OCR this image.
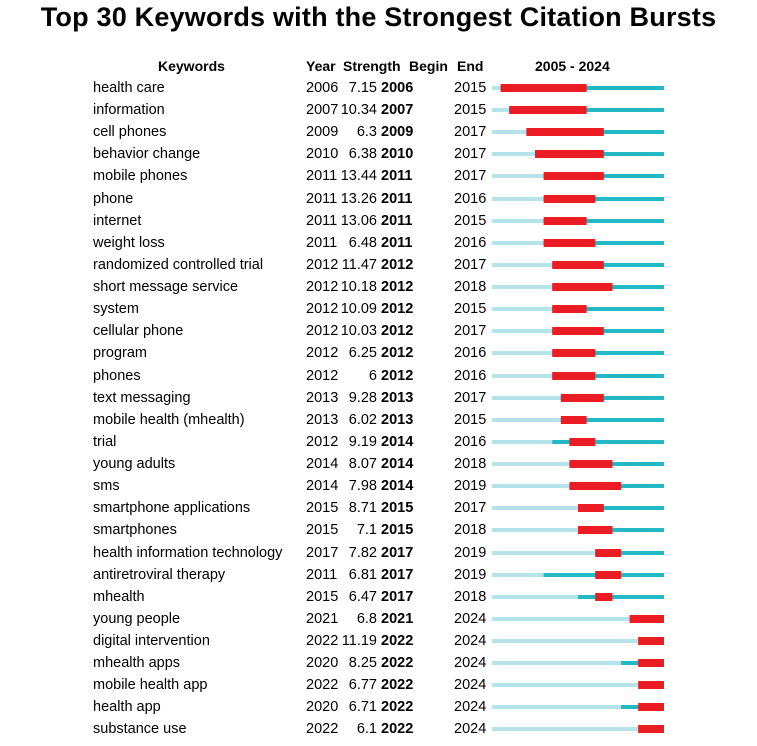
Top 30 Keywords with the Strongest Citation Bursts
Keywords	Year Strength Begin End	2005 - 2024
health care	2006 7.15 2006	2015
information	2007 10.34 2007	2015
cell phones	2009 6.3 2009	2017
behavior change	2010 6.38 2010	2017
mobile phones	2011 13.44 2011	2017
phone	2011 13.26 2011	2016
internet	2011 13.06 2011	2015
weight loss	2011 6.48 2011	2016
randomized controlled trial	2012 11.47 2012	2017
short message service	2012 10.18 2012	2018
system	2012 10.09 2012	2015
cellular phone	2012 10.03 2012	2017
program	2012 6.25 2012	2016
phones	2012 6 2012	2016
text messaging	2013 9.28 2013	2017
mobile health (mhealth)	2013 6.02 2013	2015
trial	2012 9.19 2014	2016
young adults	2014 8.07 2014	2018
sms	2014 7.98 2014	2019
smartphone applications	2015 8.71 2015	2017
smartphones	2015 7.1 2015	2018
health information technology 2017 7.82 2017	2019
antiretroviral therapy	2011 6.81 2017	2019
mhealth	2015 6.47 2017	2018
young people	2021 6.8 2021	2024
digital intervention	2022 11.19 2022	2024
mhealth apps	2020 8.25 2022	2024
mobile health app	2022 6.77 2022	2024
health app	2020 6.71 2022	2024
substance use	2022 6.1 2022	2024
